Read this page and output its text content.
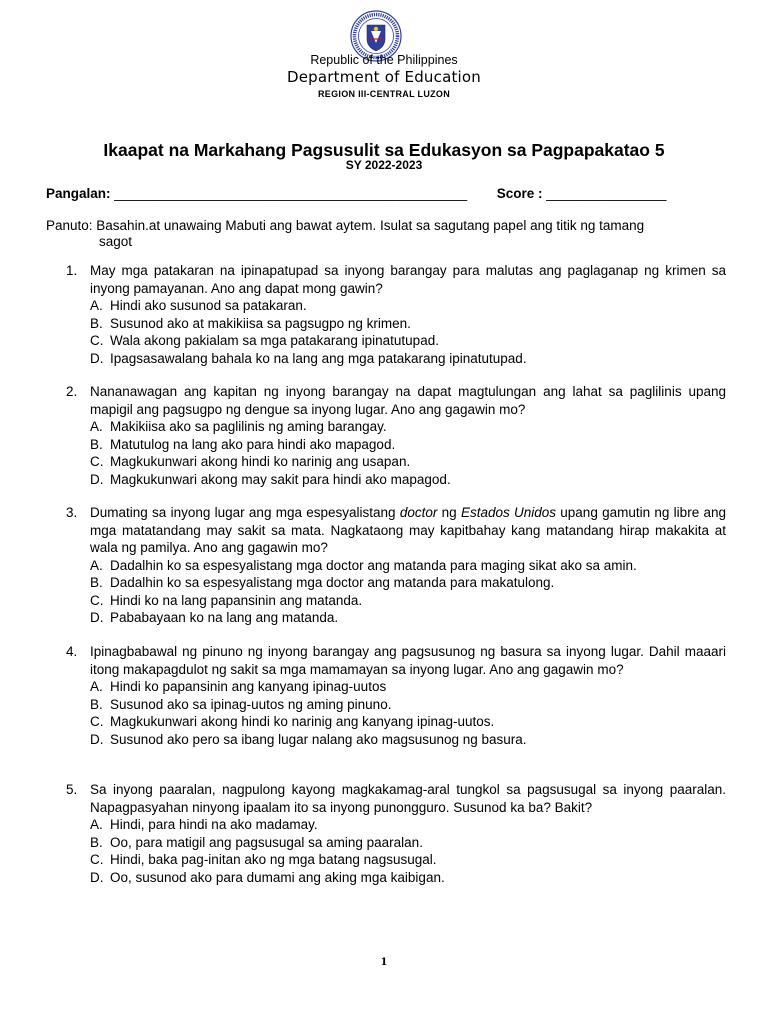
Republic of the Philippines
Department of Education
REGION III-CENTRAL LUZON
Ikaapat na Markahang Pagsusulit sa Edukasyon sa Pagpapakatao 5
SY 2022-2023
Pangalan: _______________________________________________ Score : ________________
Panuto: Basahin.at unawaing Mabuti ang bawat aytem. Isulat sa sagutang papel ang titik ng tamang
sagot
1. May mga patakaran na ipinapatupad sa inyong barangay para malutas ang paglaganap ng krimen sa inyong pamayanan. Ano ang dapat mong gawin?
A. Hindi ako susunod sa patakaran.
B. Susunod ako at makikiisa sa pagsugpo ng krimen.
C. Wala akong pakialam sa mga patakarang ipinatutupad.
D. Ipagsasawalang bahala ko na lang ang mga patakarang ipinatutupad.
2. Nananawagan ang kapitan ng inyong barangay na dapat magtulungan ang lahat sa paglilinis upang mapigil ang pagsugpo ng dengue sa inyong lugar. Ano ang gagawin mo?
A. Makikiisa ako sa paglilinis ng aming barangay.
B. Matutulog na lang ako para hindi ako mapagod.
C. Magkukunwari akong hindi ko narinig ang usapan.
D. Magkukunwari akong may sakit para hindi ako mapagod.
3. Dumating sa inyong lugar ang mga espesyalistang doctor ng Estados Unidos upang gamutin ng libre ang mga matatandang may sakit sa mata. Nagkataong may kapitbahay kang matandang hirap makakita at wala ng pamilya. Ano ang gagawin mo?
A. Dadalhin ko sa espesyalistang mga doctor ang matanda para maging sikat ako sa amin.
B. Dadalhin ko sa espesyalistang mga doctor ang matanda para makatulong.
C. Hindi ko na lang papansinin ang matanda.
D. Pababayaan ko na lang ang matanda.
4. Ipinagbabawal ng pinuno ng inyong barangay ang pagsusunog ng basura sa inyong lugar. Dahil maaari itong makapagdulot ng sakit sa mga mamamayan sa inyong lugar. Ano ang gagawin mo?
A. Hindi ko papansinin ang kanyang ipinag-uutos
B. Susunod ako sa ipinag-uutos ng aming pinuno.
C. Magkukunwari akong hindi ko narinig ang kanyang ipinag-uutos.
D. Susunod ako pero sa ibang lugar nalang ako magsusunog ng basura.
5. Sa inyong paaralan, nagpulong kayong magkakamag-aral tungkol sa pagsusugal sa inyong paaralan. Napagpasyahan ninyong ipaalam ito sa inyong punongguro. Susunod ka ba? Bakit?
A. Hindi, para hindi na ako madamay.
B. Oo, para matigil ang pagsusugal sa aming paaralan.
C. Hindi, baka pag-initan ako ng mga batang nagsusugal.
D. Oo, susunod ako para dumami ang aking mga kaibigan.
1
